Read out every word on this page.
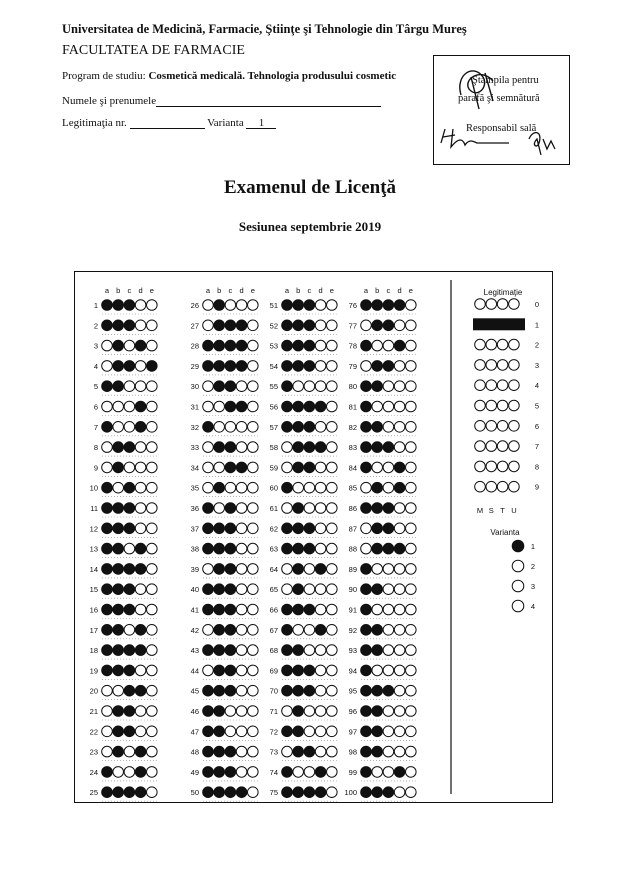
Universitatea de Medicină, Farmacie, Ştiinţe şi Tehnologie din Târgu Mureş
FACULTATEA DE FARMACIE
Program de studiu: Cosmetică medicală. Tehnologia produsului cosmetic
Numele şi prenumele
Legitimaţia nr.	Varianta 1
Ştampila pentru
parafă şi semnătură
Responsabil sală
Examenul de Licenţă
Sesiunea septembrie 2019
a b c d e
1
2
3
4
5
6
7
8
9
10
11
12
13
14
15
16
17
18
19
20
21
22
23
24
25
a b c d e
26
27
28
29
30
31
32
33
34
35
36
37
38
39
40
41
42
43
44
45
46
47
48
49
50
a b c d e
51
52
53
54
55
56
57
58
59
60
61
62
63
64
65
66
67
68
69
70
71
72
73
74
75
a b c d e
76
77
78
79
80
81
82
83
84
85
86
87
88
89
90
91
92
93
94
95
96
97
98
99
100
Legitimaţie
0
1
2
3
4
5
6
7
8
9
M S T U
Varianta
1
2
3
4
